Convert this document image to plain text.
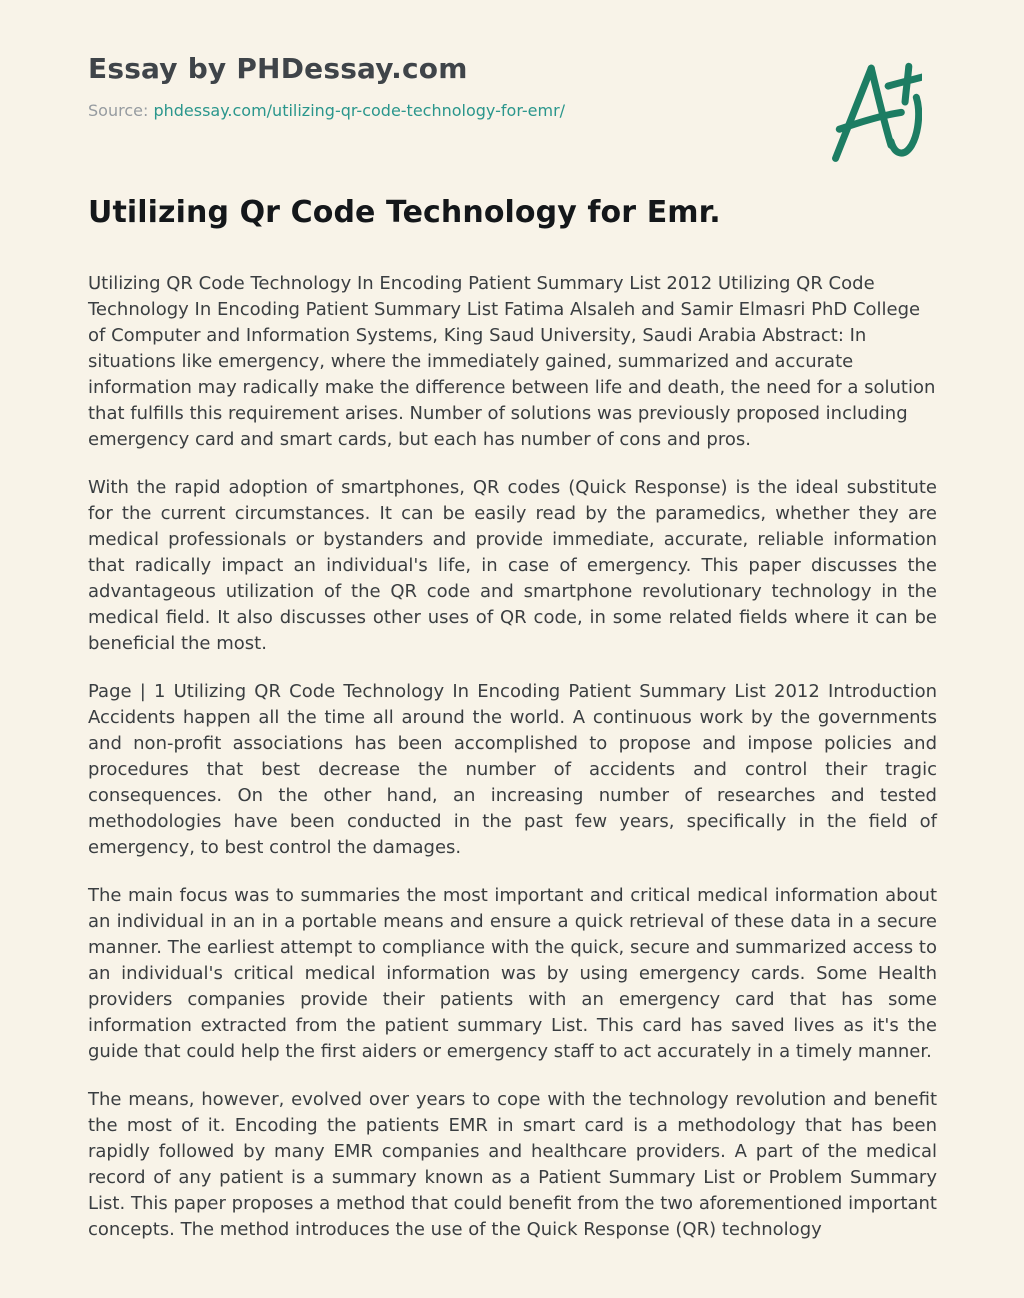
Essay by PHDessay.com

Source: phdessay.com/utilizing-qr-code-technology-for-emr/

Utilizing Qr Code Technology for Emr.

Utilizing QR Code Technology In Encoding Patient Summary List 2012 Utilizing QR Code Technology In Encoding Patient Summary List Fatima Alsaleh and Samir Elmasri PhD College of Computer and Information Systems, King Saud University, Saudi Arabia Abstract: In situations like emergency, where the immediately gained, summarized and accurate information may radically make the difference between life and death, the need for a solution that fulfills this requirement arises. Number of solutions was previously proposed including emergency card and smart cards, but each has number of cons and pros.

With the rapid adoption of smartphones, QR codes (Quick Response) is the ideal substitute for the current circumstances. It can be easily read by the paramedics, whether they are medical professionals or bystanders and provide immediate, accurate, reliable information that radically impact an individual's life, in case of emergency. This paper discusses the advantageous utilization of the QR code and smartphone revolutionary technology in the medical field. It also discusses other uses of QR code, in some related fields where it can be beneficial the most.

Page | 1 Utilizing QR Code Technology In Encoding Patient Summary List 2012 Introduction Accidents happen all the time all around the world. A continuous work by the governments and non-profit associations has been accomplished to propose and impose policies and procedures that best decrease the number of accidents and control their tragic consequences. On the other hand, an increasing number of researches and tested methodologies have been conducted in the past few years, specifically in the field of emergency, to best control the damages.

The main focus was to summaries the most important and critical medical information about an individual in an in a portable means and ensure a quick retrieval of these data in a secure manner. The earliest attempt to compliance with the quick, secure and summarized access to an individual's critical medical information was by using emergency cards. Some Health providers companies provide their patients with an emergency card that has some information extracted from the patient summary List. This card has saved lives as it's the guide that could help the first aiders or emergency staff to act accurately in a timely manner.

The means, however, evolved over years to cope with the technology revolution and benefit the most of it. Encoding the patients EMR in smart card is a methodology that has been rapidly followed by many EMR companies and healthcare providers. A part of the medical record of any patient is a summary known as a Patient Summary List or Problem Summary List. This paper proposes a method that could benefit from the two aforementioned important concepts. The method introduces the use of the Quick Response (QR) technology
